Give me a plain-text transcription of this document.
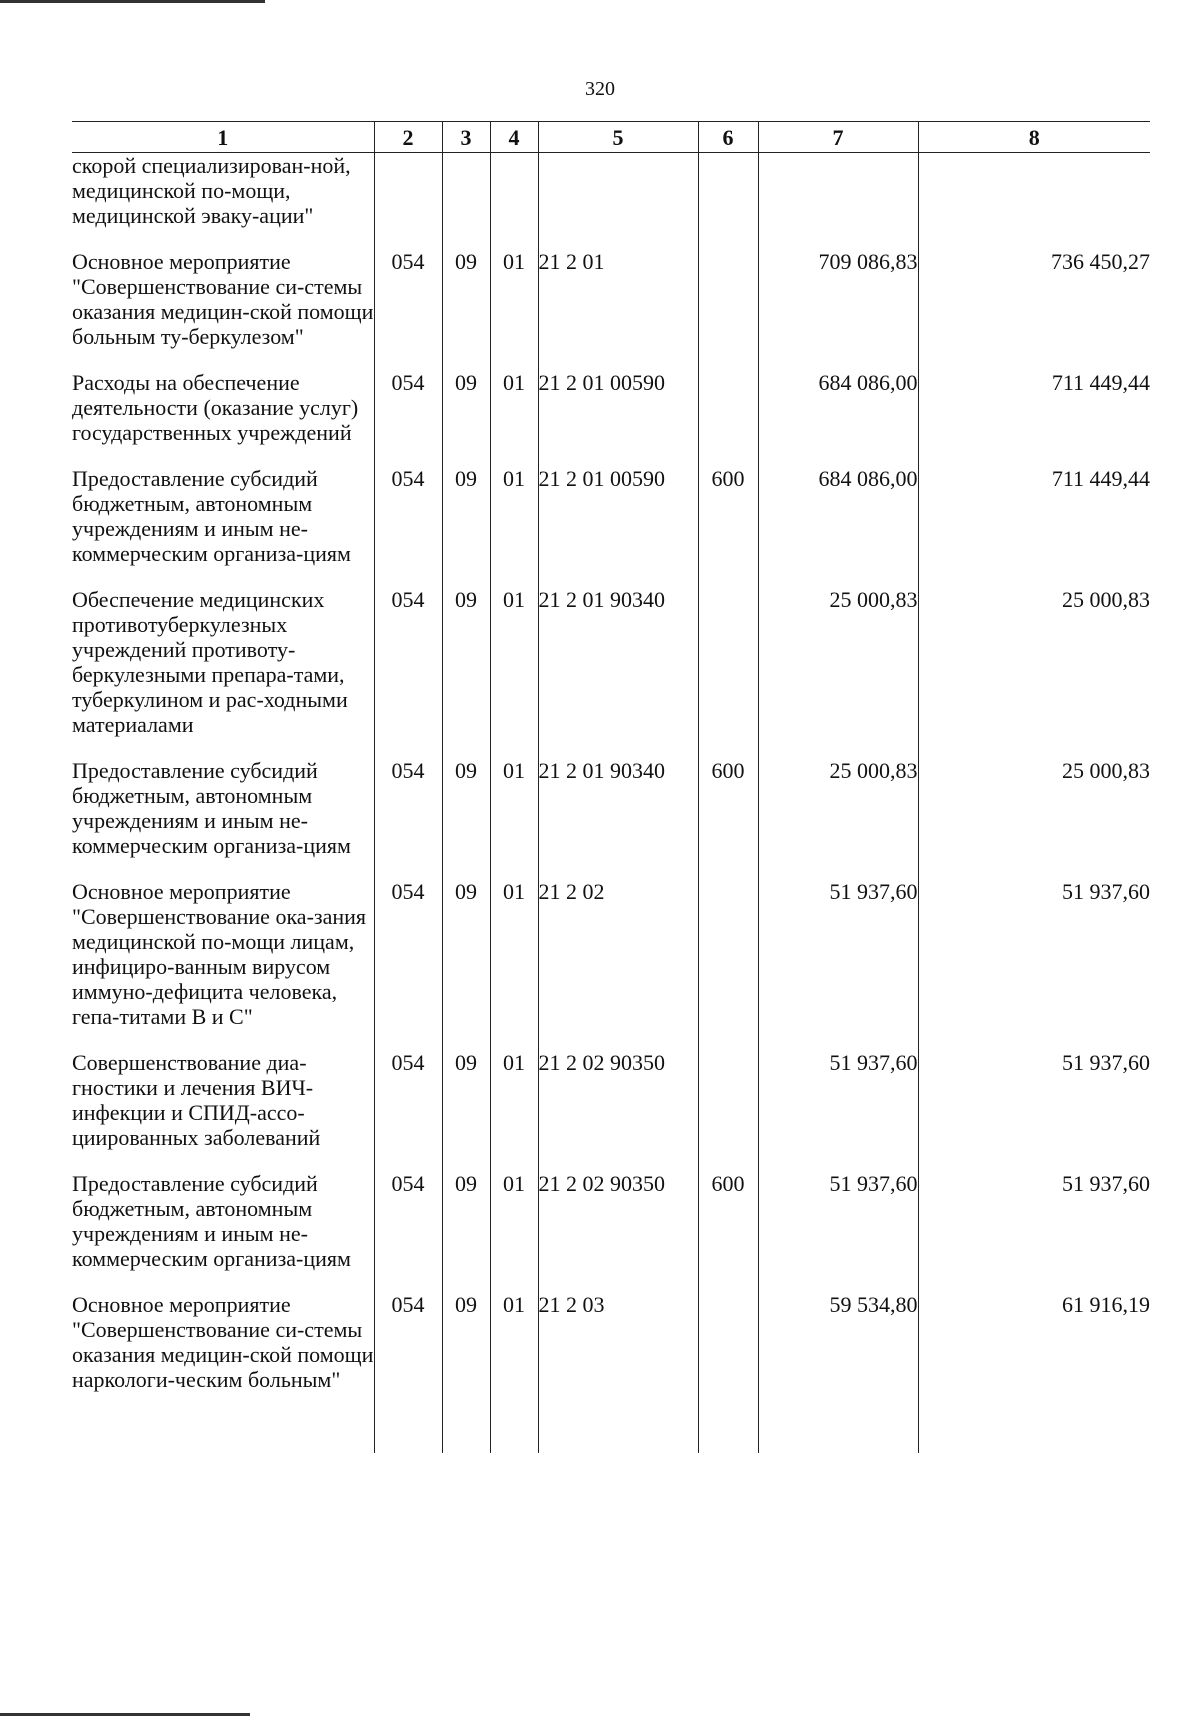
320
1	2	3	4	5	6	7	8
скорой специализирован-ной, медицинской по-мощи, медицинской эваку-ации"							
Основное мероприятие "Совершенствование си-стемы оказания медицин-ской помощи больным ту-беркулезом"	054	09	01	21 2 01		709 086,83	736 450,27
Расходы на обеспечение деятельности (оказание услуг) государственных учреждений	054	09	01	21 2 01 00590		684 086,00	711 449,44
Предоставление субсидий бюджетным, автономным учреждениям и иным не-коммерческим организа-циям	054	09	01	21 2 01 00590	600	684 086,00	711 449,44
Обеспечение медицинских противотуберкулезных учреждений противоту-беркулезными препара-тами, туберкулином и рас-ходными материалами	054	09	01	21 2 01 90340		25 000,83	25 000,83
Предоставление субсидий бюджетным, автономным учреждениям и иным не-коммерческим организа-циям	054	09	01	21 2 01 90340	600	25 000,83	25 000,83
Основное мероприятие "Совершенствование ока-зания медицинской по-мощи лицам, инфициро-ванным вирусом иммуно-дефицита человека, гепа-титами В и С"	054	09	01	21 2 02		51 937,60	51 937,60
Совершенствование диа-гностики и лечения ВИЧ-инфекции и СПИД-ассо-циированных заболеваний	054	09	01	21 2 02 90350		51 937,60	51 937,60
Предоставление субсидий бюджетным, автономным учреждениям и иным не-коммерческим организа-циям	054	09	01	21 2 02 90350	600	51 937,60	51 937,60
Основное мероприятие "Совершенствование си-стемы оказания медицин-ской помощи наркологи-ческим больным"	054	09	01	21 2 03		59 534,80	61 916,19
